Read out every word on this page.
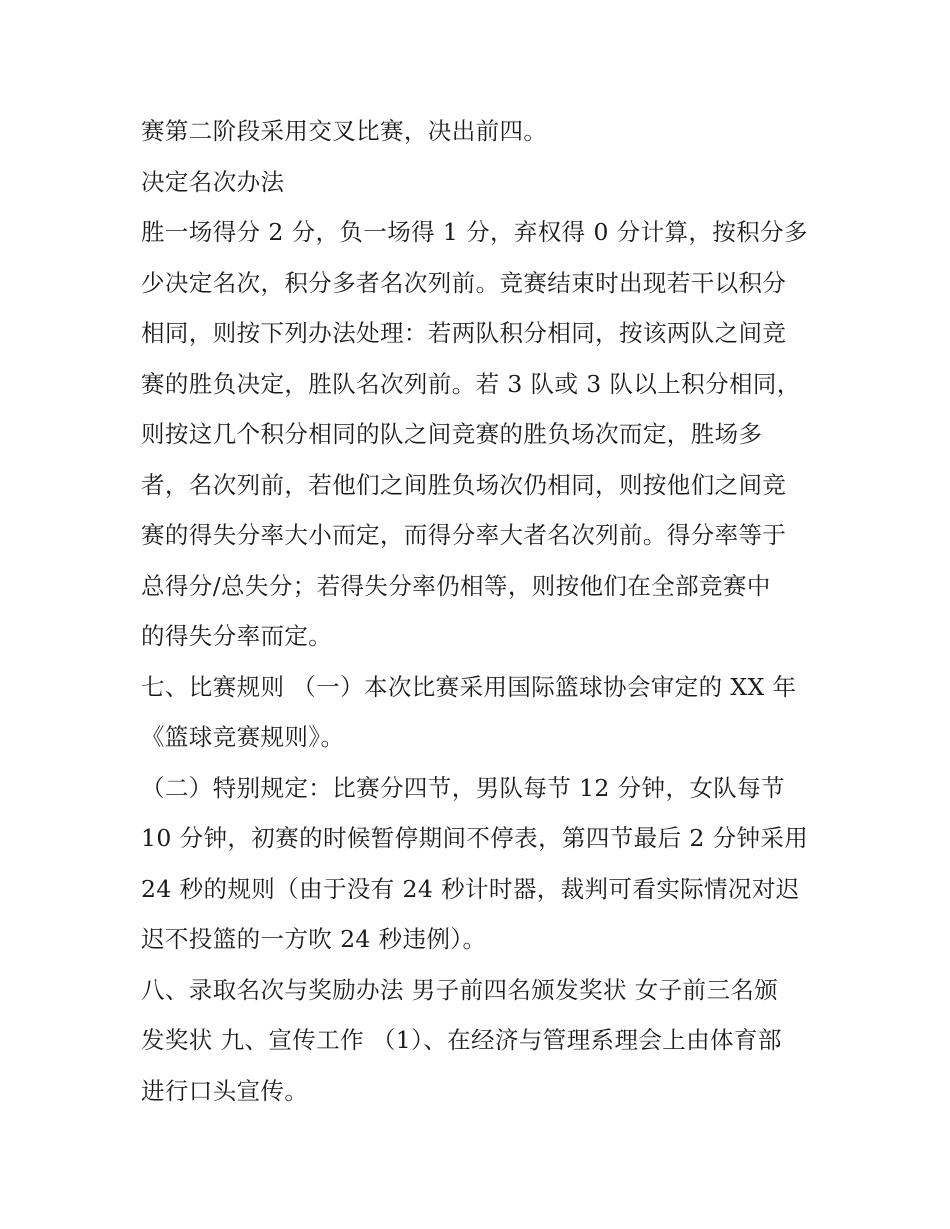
赛第二阶段采用交叉比赛，决出前四。
决定名次办法
胜一场得分 2 分，负一场得 1 分，弃权得 0 分计算，按积分多
少决定名次，积分多者名次列前。竞赛结束时出现若干以积分
相同，则按下列办法处理：若两队积分相同，按该两队之间竞
赛的胜负决定，胜队名次列前。若 3 队或 3 队以上积分相同，
则按这几个积分相同的队之间竞赛的胜负场次而定，胜场多
者，名次列前，若他们之间胜负场次仍相同，则按他们之间竞
赛的得失分率大小而定，而得分率大者名次列前。得分率等于
总得分/总失分；若得失分率仍相等，则按他们在全部竞赛中
的得失分率而定。
七、比赛规则 （一）本次比赛采用国际篮球协会审定的 XX 年
《篮球竞赛规则》。
（二）特别规定：比赛分四节，男队每节 12 分钟，女队每节
10 分钟，初赛的时候暂停期间不停表，第四节最后 2 分钟采用
24 秒的规则（由于没有 24 秒计时器，裁判可看实际情况对迟
迟不投篮的一方吹 24 秒违例）。
八、录取名次与奖励办法 男子前四名颁发奖状 女子前三名颁
发奖状 九、宣传工作 （1）、在经济与管理系理会上由体育部
进行口头宣传。
